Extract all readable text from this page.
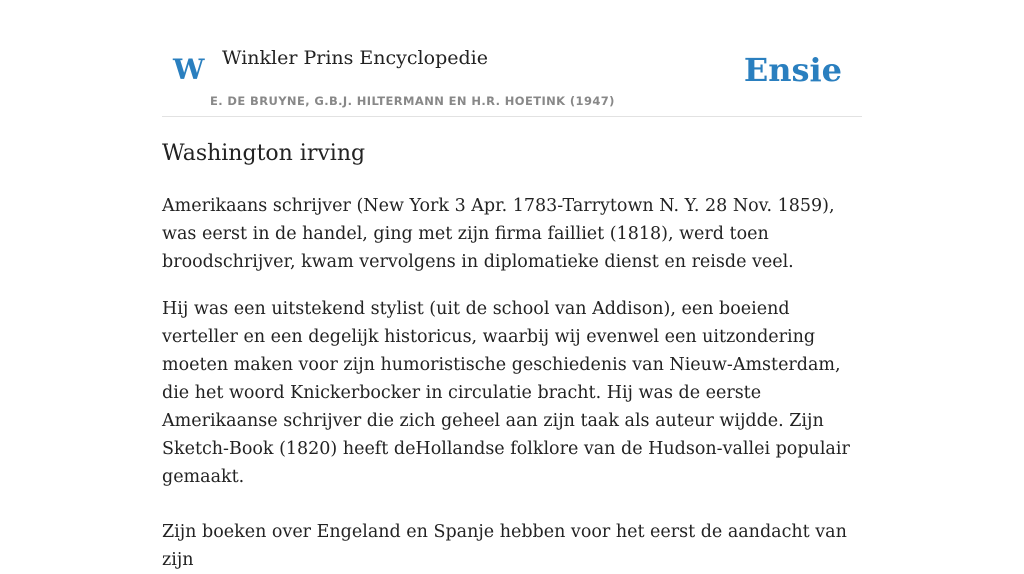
W Winkler Prins Encyclopedie
E. DE BRUYNE, G.B.J. HILTERMANN EN H.R. HOETINK (1947)
Ensie
Washington irving

Amerikaans schrijver (New York 3 Apr. 1783-Tarrytown N. Y. 28 Nov. 1859), was eerst in de handel, ging met zijn firma failliet (1818), werd toen broodschrijver, kwam vervolgens in diplomatieke dienst en reisde veel.

Hij was een uitstekend stylist (uit de school van Addison), een boeiend verteller en een degelijk historicus, waarbij wij evenwel een uitzondering moeten maken voor zijn humoristische geschiedenis van Nieuw-Amsterdam, die het woord Knickerbocker in circulatie bracht. Hij was de eerste Amerikaanse schrijver die zich geheel aan zijn taak als auteur wijdde. Zijn Sketch-Book (1820) heeft deHollandse folklore van de Hudson-vallei populair gemaakt.

Zijn boeken over Engeland en Spanje hebben voor het eerst de aandacht van zijn
